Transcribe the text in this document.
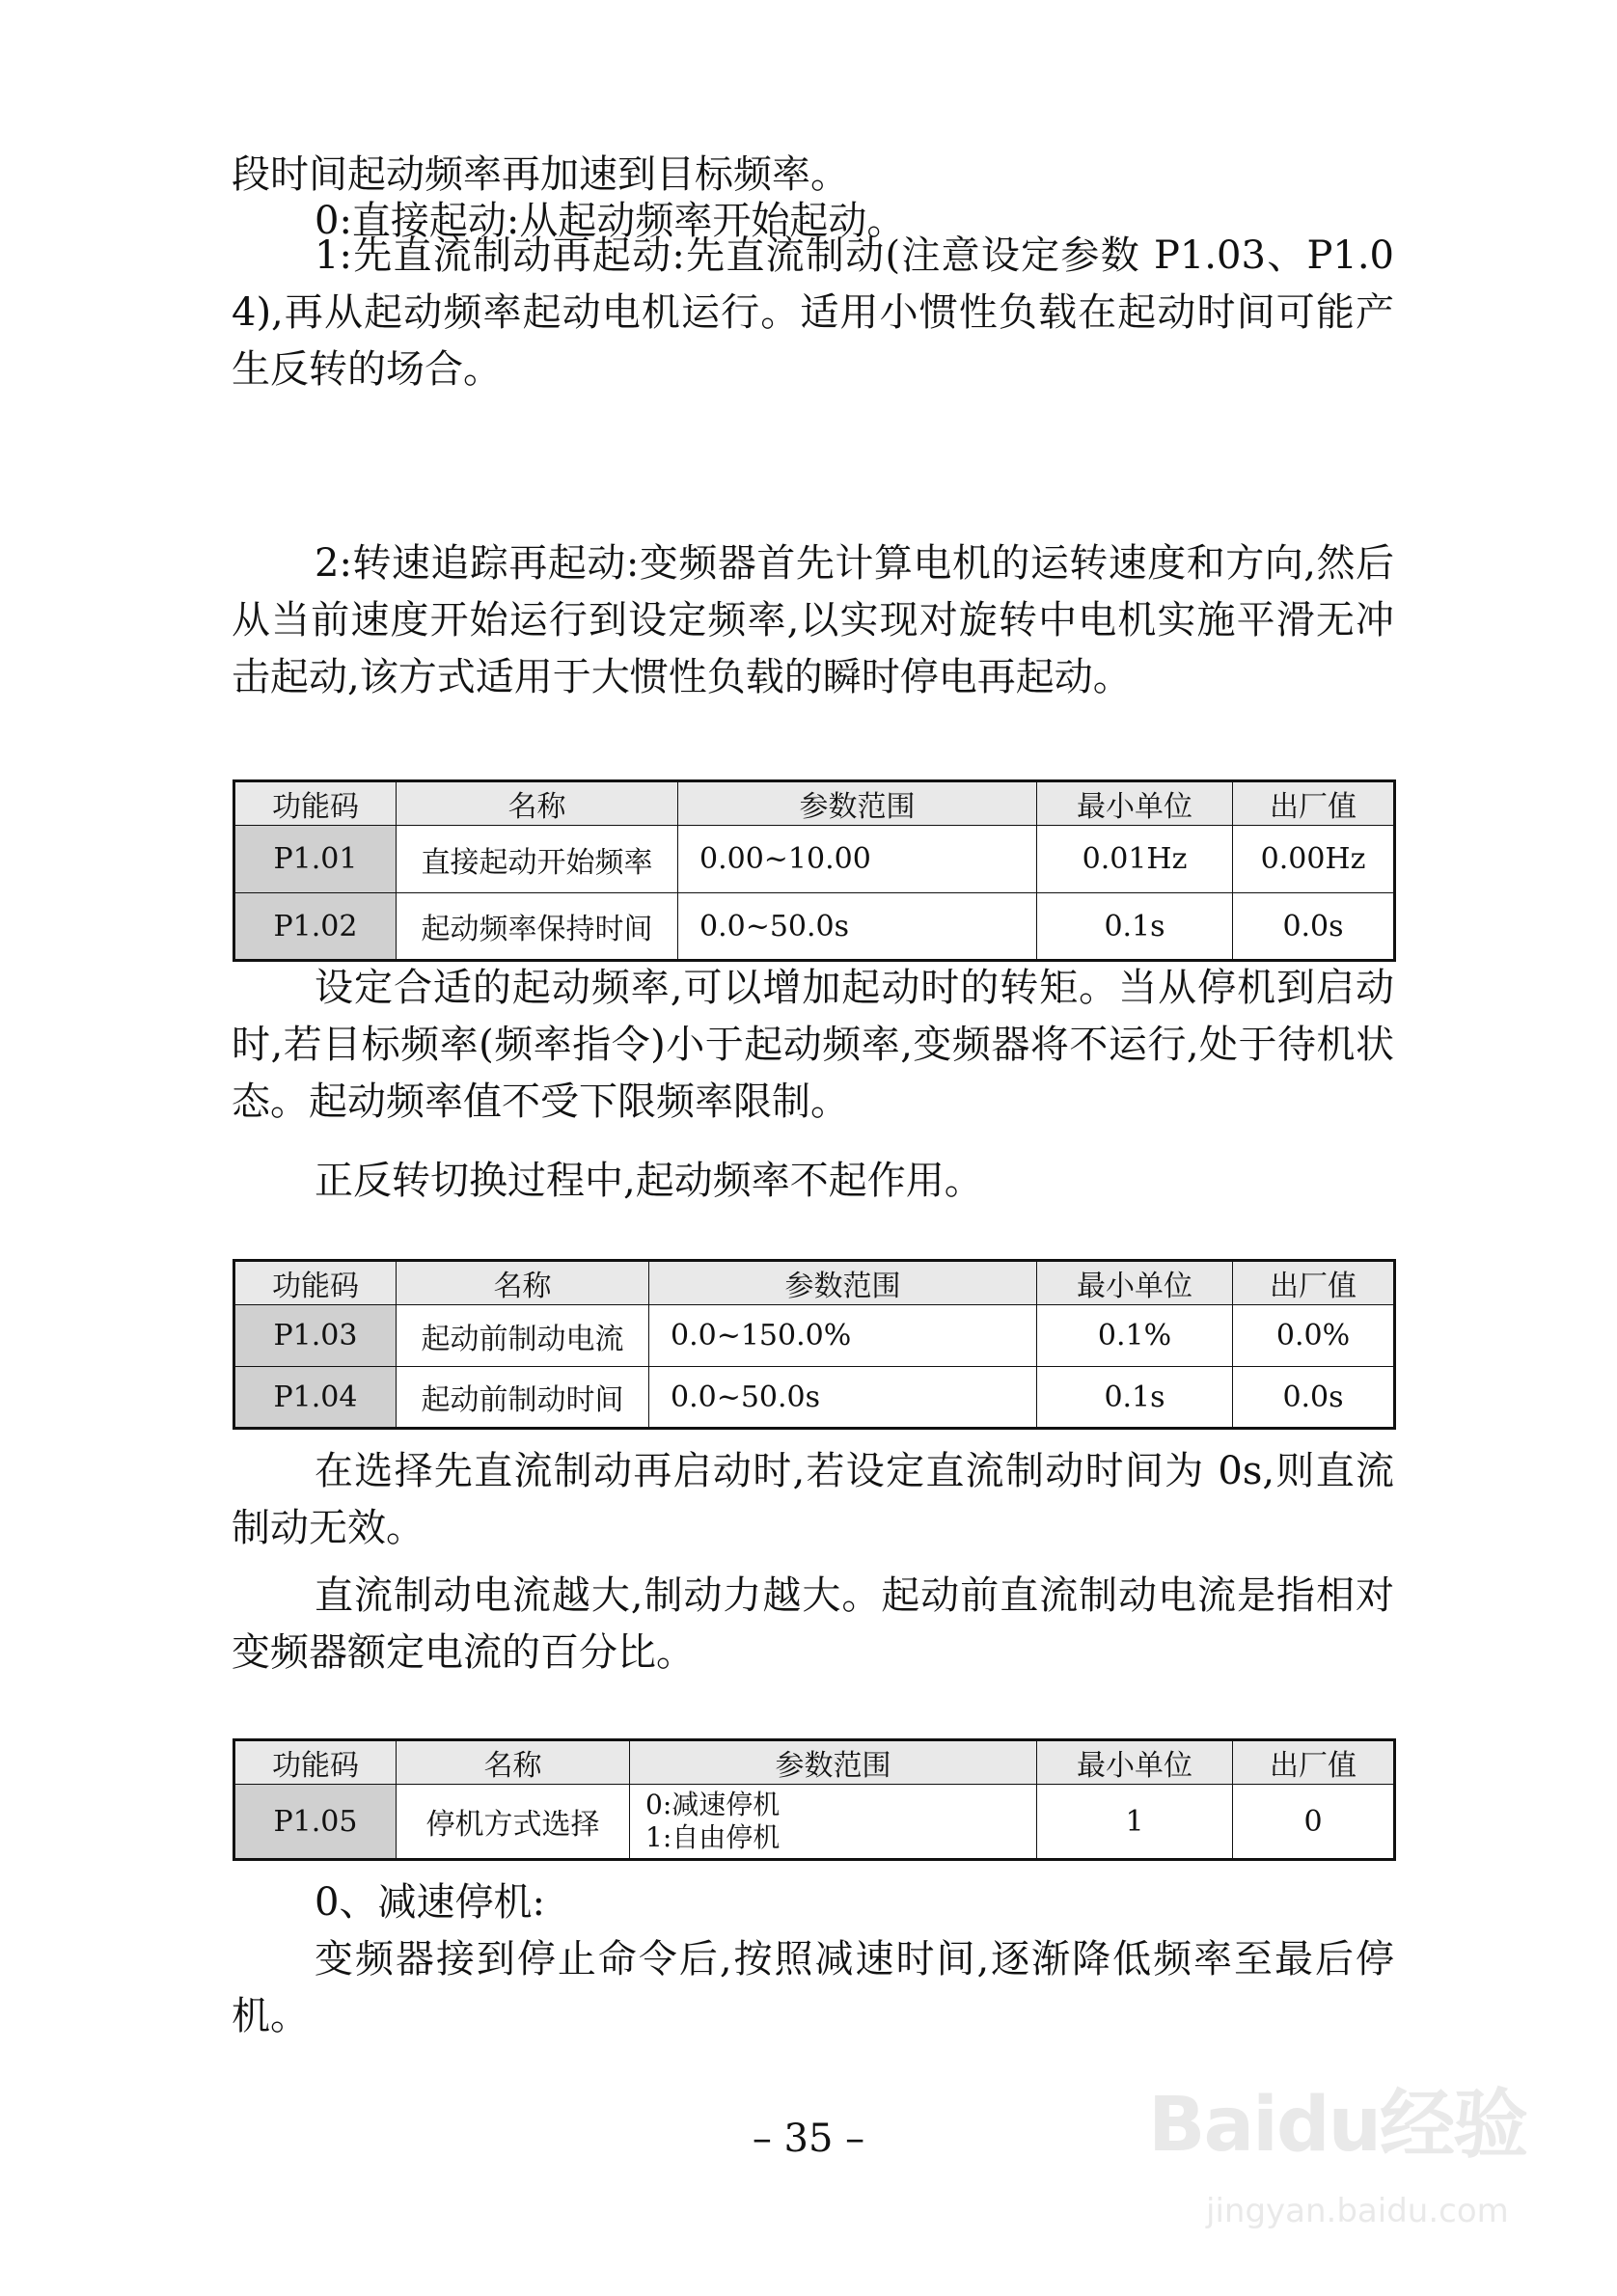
段时间起动频率再加速到目标频率。

0:直接起动:从起动频率开始起动。

1:先直流制动再起动:先直流制动(注意设定参数 P1.03、P1.04),再从起动频率起动电机运行。适用小惯性负载在起动时间可能产生反转的场合。

2:转速追踪再起动:变频器首先计算电机的运转速度和方向,然后从当前速度开始运行到设定频率,以实现对旋转中电机实施平滑无冲击起动,该方式适用于大惯性负载的瞬时停电再起动。

功能码	名称	参数范围	最小单位	出厂值
P1.01	直接起动开始频率	0.00~10.00	0.01Hz	0.00Hz
P1.02	起动频率保持时间	0.0~50.0s	0.1s	0.0s

设定合适的起动频率,可以增加起动时的转矩。当从停机到启动时,若目标频率(频率指令)小于起动频率,变频器将不运行,处于待机状态。起动频率值不受下限频率限制。

正反转切换过程中,起动频率不起作用。

功能码	名称	参数范围	最小单位	出厂值
P1.03	起动前制动电流	0.0~150.0%	0.1%	0.0%
P1.04	起动前制动时间	0.0~50.0s	0.1s	0.0s

在选择先直流制动再启动时,若设定直流制动时间为 0s,则直流制动无效。

直流制动电流越大,制动力越大。起动前直流制动电流是指相对变频器额定电流的百分比。

功能码	名称	参数范围	最小单位	出厂值
P1.05	停机方式选择	0:减速停机
1:自由停机	1	0

0、减速停机:

变频器接到停止命令后,按照减速时间,逐渐降低频率至最后停机。

– 35 –	Baidu经验
jingyan.baidu.com
